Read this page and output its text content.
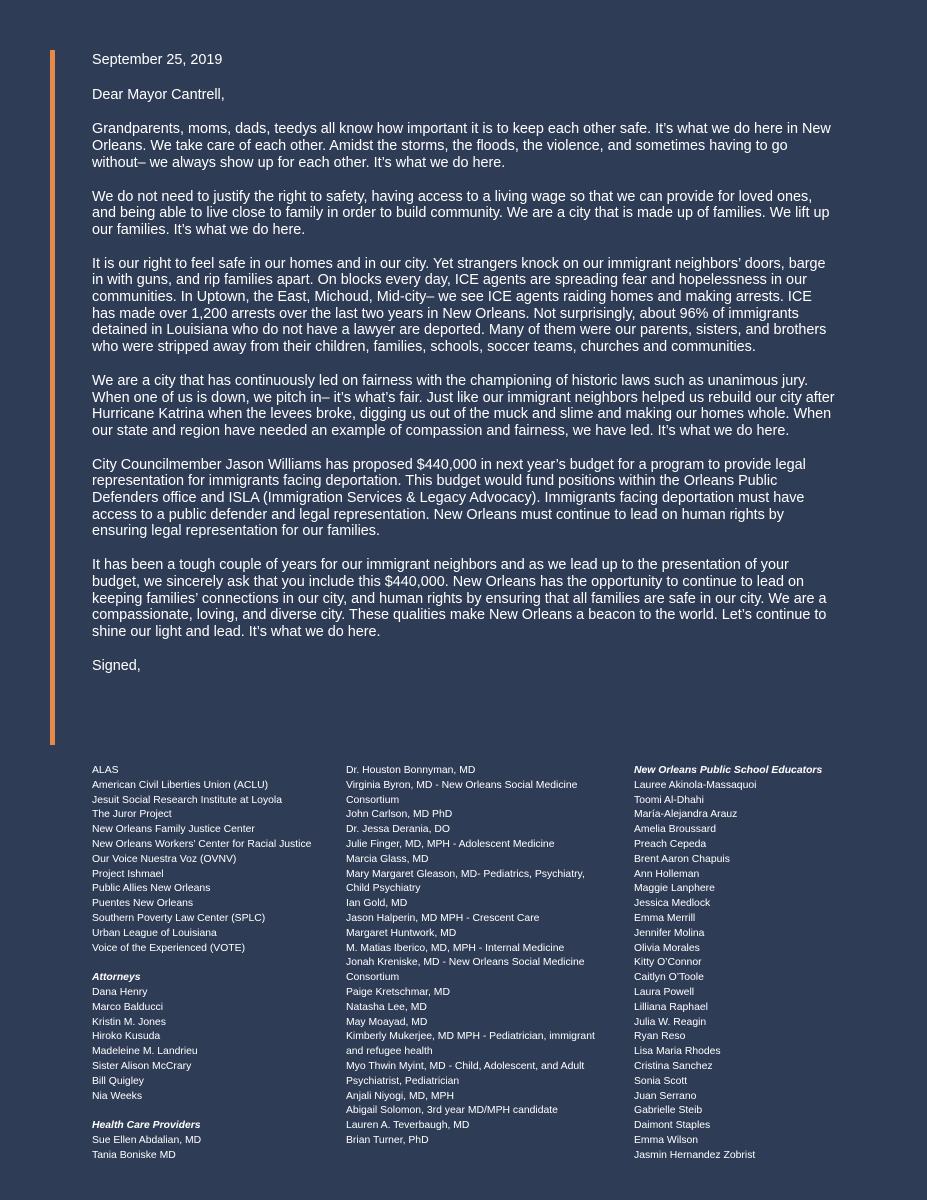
September 25, 2019

Dear Mayor Cantrell,

Grandparents, moms, dads, teedys all know how important it is to keep each other safe. It’s what we do here in New Orleans. We take care of each other. Amidst the storms, the floods, the violence, and sometimes having to go without– we always show up for each other. It’s what we do here.

We do not need to justify the right to safety, having access to a living wage so that we can provide for loved ones, and being able to live close to family in order to build community. We are a city that is made up of families. We lift up our families. It’s what we do here.

It is our right to feel safe in our homes and in our city. Yet strangers knock on our immigrant neighbors’ doors, barge in with guns, and rip families apart. On blocks every day, ICE agents are spreading fear and hopelessness in our communities. In Uptown, the East, Michoud, Mid-city– we see ICE agents raiding homes and making arrests. ICE has made over 1,200 arrests over the last two years in New Orleans. Not surprisingly, about 96% of immigrants detained in Louisiana who do not have a lawyer are deported. Many of them were our parents, sisters, and brothers who were stripped away from their children, families, schools, soccer teams, churches and communities.

We are a city that has continuously led on fairness with the championing of historic laws such as unanimous jury. When one of us is down, we pitch in– it’s what’s fair. Just like our immigrant neighbors helped us rebuild our city after Hurricane Katrina when the levees broke, digging us out of the muck and slime and making our homes whole. When our state and region have needed an example of compassion and fairness, we have led. It’s what we do here.

City Councilmember Jason Williams has proposed $440,000 in next year’s budget for a program to provide legal representation for immigrants facing deportation. This budget would fund positions within the Orleans Public Defenders office and ISLA (Immigration Services & Legacy Advocacy). Immigrants facing deportation must have access to a public defender and legal representation. New Orleans must continue to lead on human rights by ensuring legal representation for our families.

It has been a tough couple of years for our immigrant neighbors and as we lead up to the presentation of your budget, we sincerely ask that you include this $440,000. New Orleans has the opportunity to continue to lead on keeping families’ connections in our city, and human rights by ensuring that all families are safe in our city. We are a compassionate, loving, and diverse city. These qualities make New Orleans a beacon to the world. Let’s continue to shine our light and lead. It’s what we do here.

Signed,

ALAS
American Civil Liberties Union (ACLU)
Jesuit Social Research Institute at Loyola
The Juror Project
New Orleans Family Justice Center
New Orleans Workers’ Center for Racial Justice
Our Voice Nuestra Voz (OVNV)
Project Ishmael
Public Allies New Orleans
Puentes New Orleans
Southern Poverty Law Center (SPLC)
Urban League of Louisiana
Voice of the Experienced (VOTE)
Attorneys
Dana Henry
Marco Balducci
Kristin M. Jones
Hiroko Kusuda
Madeleine M. Landrieu
Sister Alison McCrary
Bill Quigley
Nia Weeks
Health Care Providers
Sue Ellen Abdalian, MD
Tania Boniske MD
Dr. Houston Bonnyman, MD
Virginia Byron, MD - New Orleans Social Medicine Consortium
John Carlson, MD PhD
Dr. Jessa Derania, DO
Julie Finger, MD, MPH - Adolescent Medicine
Marcia Glass, MD
Mary Margaret Gleason, MD- Pediatrics, Psychiatry, Child Psychiatry
Ian Gold, MD
Jason Halperin, MD MPH - Crescent Care
Margaret Huntwork, MD
M. Matias Iberico, MD, MPH - Internal Medicine
Jonah Kreniske, MD - New Orleans Social Medicine Consortium
Paige Kretschmar, MD
Natasha Lee, MD
May Moayad, MD
Kimberly Mukerjee, MD MPH - Pediatrician, immigrant and refugee health
Myo Thwin Myint, MD - Child, Adolescent, and Adult Psychiatrist, Pediatrician
Anjali Niyogi, MD, MPH
Abigail Solomon, 3rd year MD/MPH candidate
Lauren A. Teverbaugh, MD
Brian Turner, PhD
New Orleans Public School Educators
Lauree Akinola-Massaquoi
Toomi Al-Dhahi
María-Alejandra Arauz
Amelia Broussard
Preach Cepeda
Brent Aaron Chapuis
Ann Holleman
Maggie Lanphere
Jessica Medlock
Emma Merrill
Jennifer Molina
Olivia Morales
Kitty O’Connor
Caitlyn O’Toole
Laura Powell
Lilliana Raphael
Julia W. Reagin
Ryan Reso
Lisa Maria Rhodes
Cristina Sanchez
Sonia Scott
Juan Serrano
Gabrielle Steib
Daimont Staples
Emma Wilson
Jasmin Hernandez Zobrist
